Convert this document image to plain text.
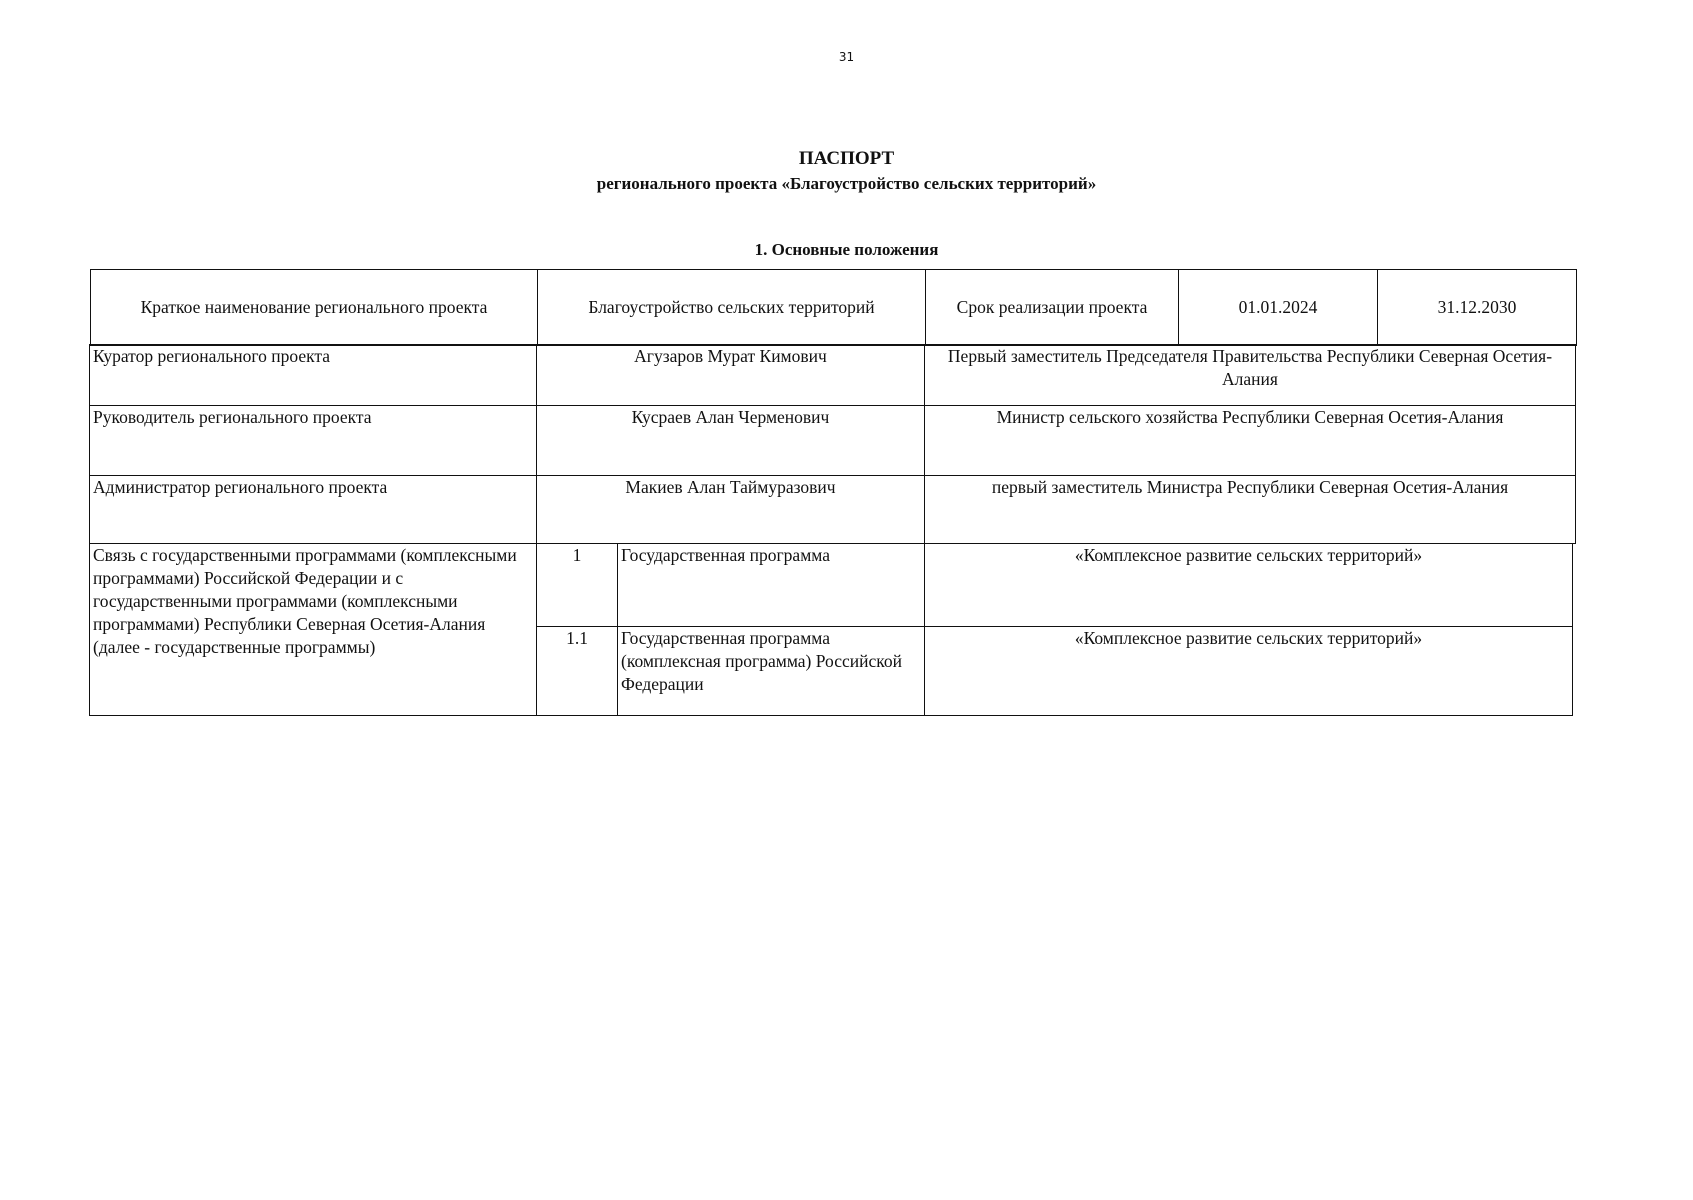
31
ПАСПОРТ
регионального проекта «Благоустройство сельских территорий»
1. Основные положения
Краткое наименование регионального проекта	Благоустройство сельских территорий	Срок реализации проекта	01.01.2024	31.12.2030
Куратор регионального проекта	Агузаров Мурат Кимович	Первый заместитель Председателя Правительства Республики Северная Осетия-Алания
Руководитель регионального проекта	Кусраев Алан Черменович	Министр сельского хозяйства Республики Северная Осетия-Алания
Администратор регионального проекта	Макиев Алан Таймуразович	первый заместитель Министра Республики Северная Осетия-Алания
Связь с государственными программами (комплексными программами) Российской Федерации и с государственными программами (комплексными программами) Республики Северная Осетия-Алания (далее - государственные программы)	1	Государственная программа	«Комплексное развитие сельских территорий»
	1.1	Государственная программа (комплексная программа) Российской Федерации	«Комплексное развитие сельских территорий»
